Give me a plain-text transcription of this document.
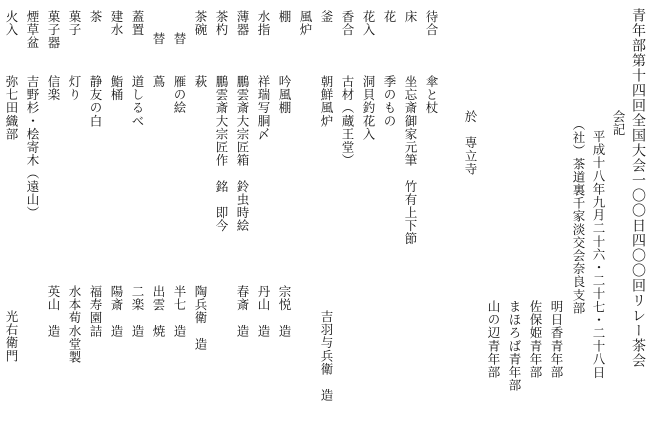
青年部第十四回全国大会一〇〇日四〇〇回リレー茶会
会記
平成十八年九月二十六・二十七・二十八日
（社）茶道裏千家淡交会奈良支部
明日香青年部
佐保姫青年部
まほろば青年部
山の辺青年部
於　専立寺
待合
傘と杖
床
坐忘斎御家元筆　竹有上下節
花
季のもの
花入
洞貝釣花入
香合
古材（蔵王堂）
釜
朝鮮風炉
吉羽与兵衛　造
風炉
棚
吟風棚
宗悦　造
水指
祥瑞写胴〆
丹山　造
薄器
鵬雲斎大宗匠箱　鈴虫時絵
春斎　造
茶杓
鵬雲斎大宗匠作　銘　即今
茶碗
萩
陶兵衛　造
替
雁の絵
半七　造
替
蔦
出雲　焼
蓋置
道しるべ
二楽　造
建水
鮨桶
陽斎　造
茶
静友の白
福寿園詰
菓子
灯り
水本荀水堂製
菓子器
煙草盆
信楽
英山　造
吉野杉・桧寄木（遠山）
火入
弥七田織部
光右衛門
